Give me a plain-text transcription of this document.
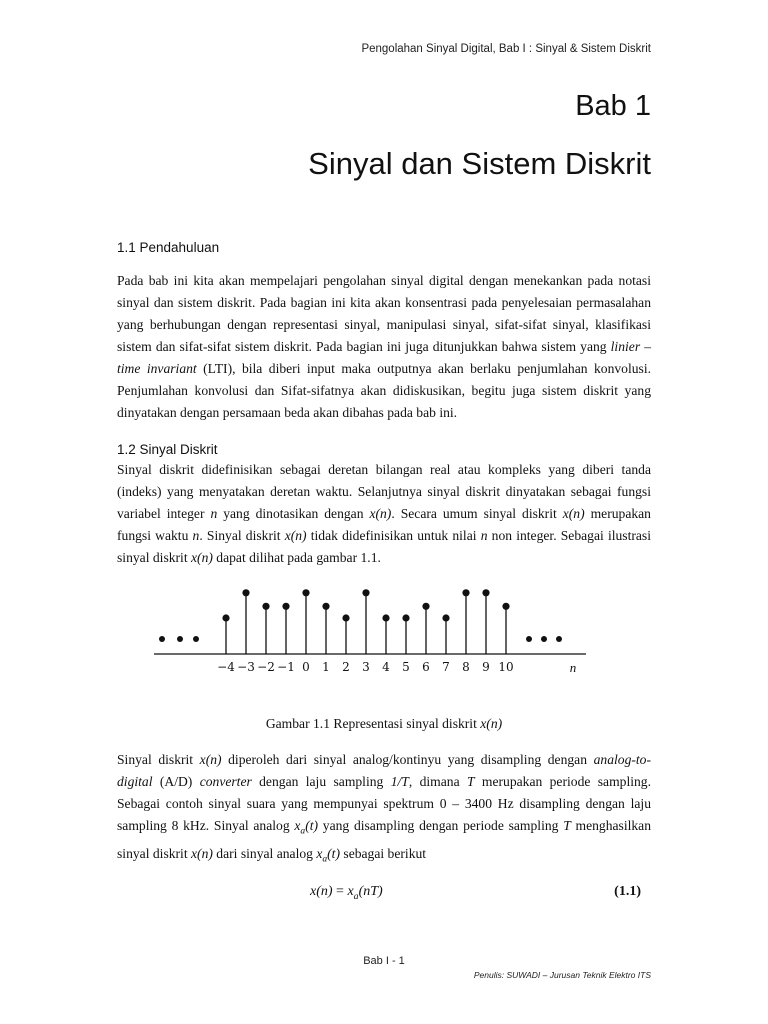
Pengolahan Sinyal Digital, Bab I : Sinyal & Sistem Diskrit
Bab 1
Sinyal dan Sistem Diskrit
1.1 Pendahuluan

Pada bab ini kita akan mempelajari pengolahan sinyal digital dengan menekankan pada notasi sinyal dan sistem diskrit. Pada bagian ini kita akan konsentrasi pada penyelesaian permasalahan yang berhubungan dengan representasi sinyal, manipulasi sinyal, sifat-sifat sinyal, klasifikasi sistem dan sifat-sifat sistem diskrit. Pada bagian ini juga ditunjukkan bahwa sistem yang linier – time invariant (LTI), bila diberi input maka outputnya akan berlaku penjumlahan konvolusi. Penjumlahan konvolusi dan Sifat-sifatnya akan didiskusikan, begitu juga sistem diskrit yang dinyatakan dengan persamaan beda akan dibahas pada bab ini.

1.2 Sinyal Diskrit

Sinyal diskrit didefinisikan sebagai deretan bilangan real atau kompleks yang diberi tanda (indeks) yang menyatakan deretan waktu. Selanjutnya sinyal diskrit dinyatakan sebagai fungsi variabel integer n yang dinotasikan dengan x(n). Secara umum sinyal diskrit x(n) merupakan fungsi waktu n. Sinyal diskrit x(n) tidak didefinisikan untuk nilai n non integer. Sebagai ilustrasi sinyal diskrit x(n) dapat dilihat pada gambar 1.1.

−4 −3 −2 −1 0 1 2 3 4 5 6 7 8 9 10	n
Gambar 1.1 Representasi sinyal diskrit x(n)

Sinyal diskrit x(n) diperoleh dari sinyal analog/kontinyu yang disampling dengan analog-to-digital (A/D) converter dengan laju sampling 1/T, dimana T merupakan periode sampling. Sebagai contoh sinyal suara yang mempunyai spektrum 0 – 3400 Hz disampling dengan laju sampling 8 kHz. Sinyal analog $x_a(t)$ yang disampling dengan periode sampling T menghasilkan sinyal diskrit x(n) dari sinyal analog $x_a(t)$ sebagai berikut

$x(n) = x_a(nT)$	(1.1)
Bab I - 1
Penulis: SUWADI – Jurusan Teknik Elektro ITS
